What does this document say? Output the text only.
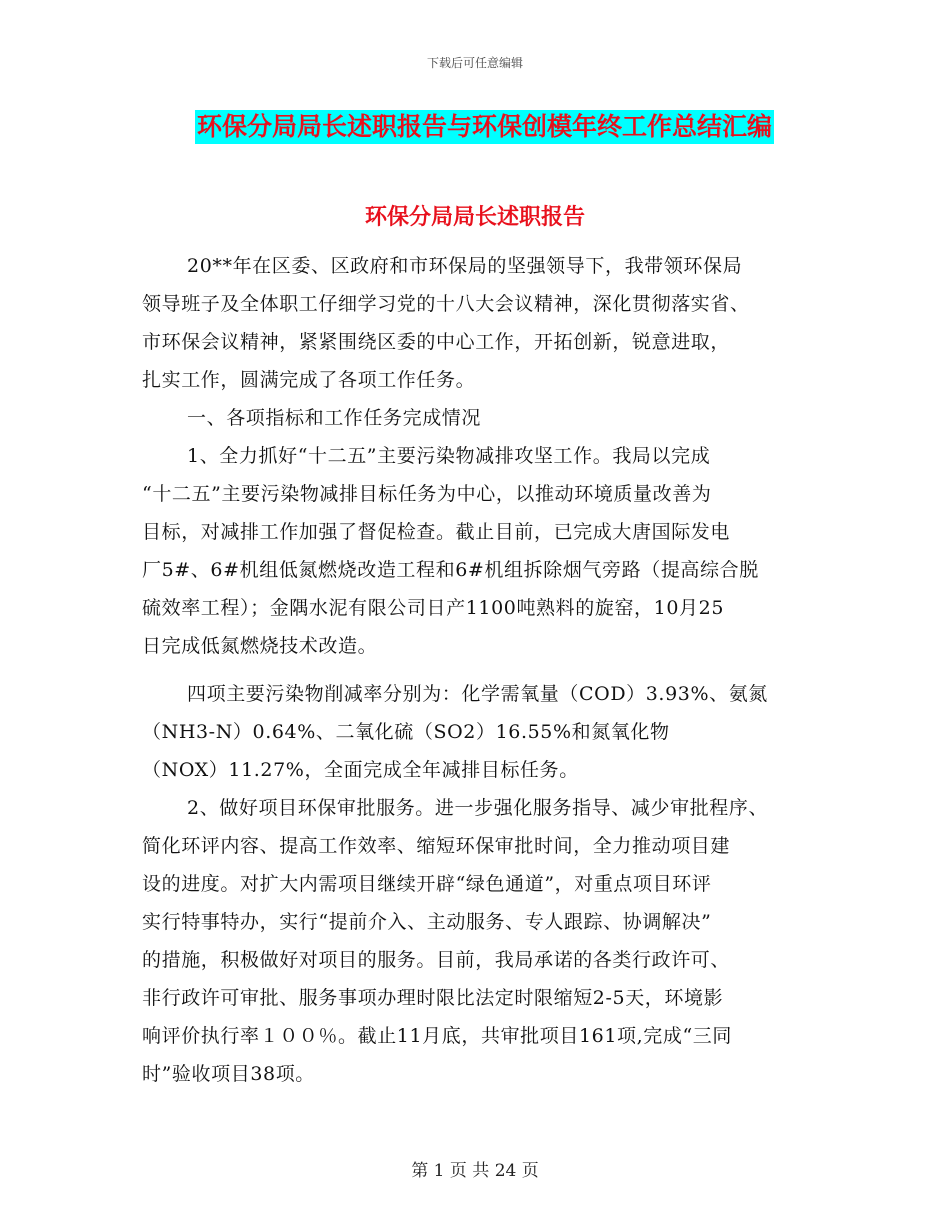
下载后可任意编辑
环保分局局长述职报告与环保创模年终工作总结汇编
环保分局局长述职报告
20**年在区委、区政府和市环保局的坚强领导下，我带领环保局
领导班子及全体职工仔细学习党的十八大会议精神，深化贯彻落实省、
市环保会议精神，紧紧围绕区委的中心工作，开拓创新，锐意进取，
扎实工作，圆满完成了各项工作任务。
一、各项指标和工作任务完成情况
1、全力抓好“十二五”主要污染物减排攻坚工作。我局以完成
“十二五”主要污染物减排目标任务为中心，以推动环境质量改善为
目标，对减排工作加强了督促检查。截止目前，已完成大唐国际发电
厂5#、6#机组低氮燃烧改造工程和6#机组拆除烟气旁路（提高综合脱
硫效率工程）；金隅水泥有限公司日产1100吨熟料的旋窑，10月25
日完成低氮燃烧技术改造。
四项主要污染物削减率分别为：化学需氧量（COD）3.93%、氨氮
（NH3-N）0.64%、二氧化硫（SO2）16.55%和氮氧化物
（NOX）11.27%，全面完成全年减排目标任务。
2、做好项目环保审批服务。进一步强化服务指导、减少审批程序、
简化环评内容、提高工作效率、缩短环保审批时间，全力推动项目建
设的进度。对扩大内需项目继续开辟“绿色通道”，对重点项目环评
实行特事特办，实行“提前介入、主动服务、专人跟踪、协调解决”
的措施，积极做好对项目的服务。目前，我局承诺的各类行政许可、
非行政许可审批、服务事项办理时限比法定时限缩短2-5天，环境影
响评价执行率１００％。截止11月底，共审批项目161项,完成“三同
时”验收项目38项。
第 1 页 共 24 页
